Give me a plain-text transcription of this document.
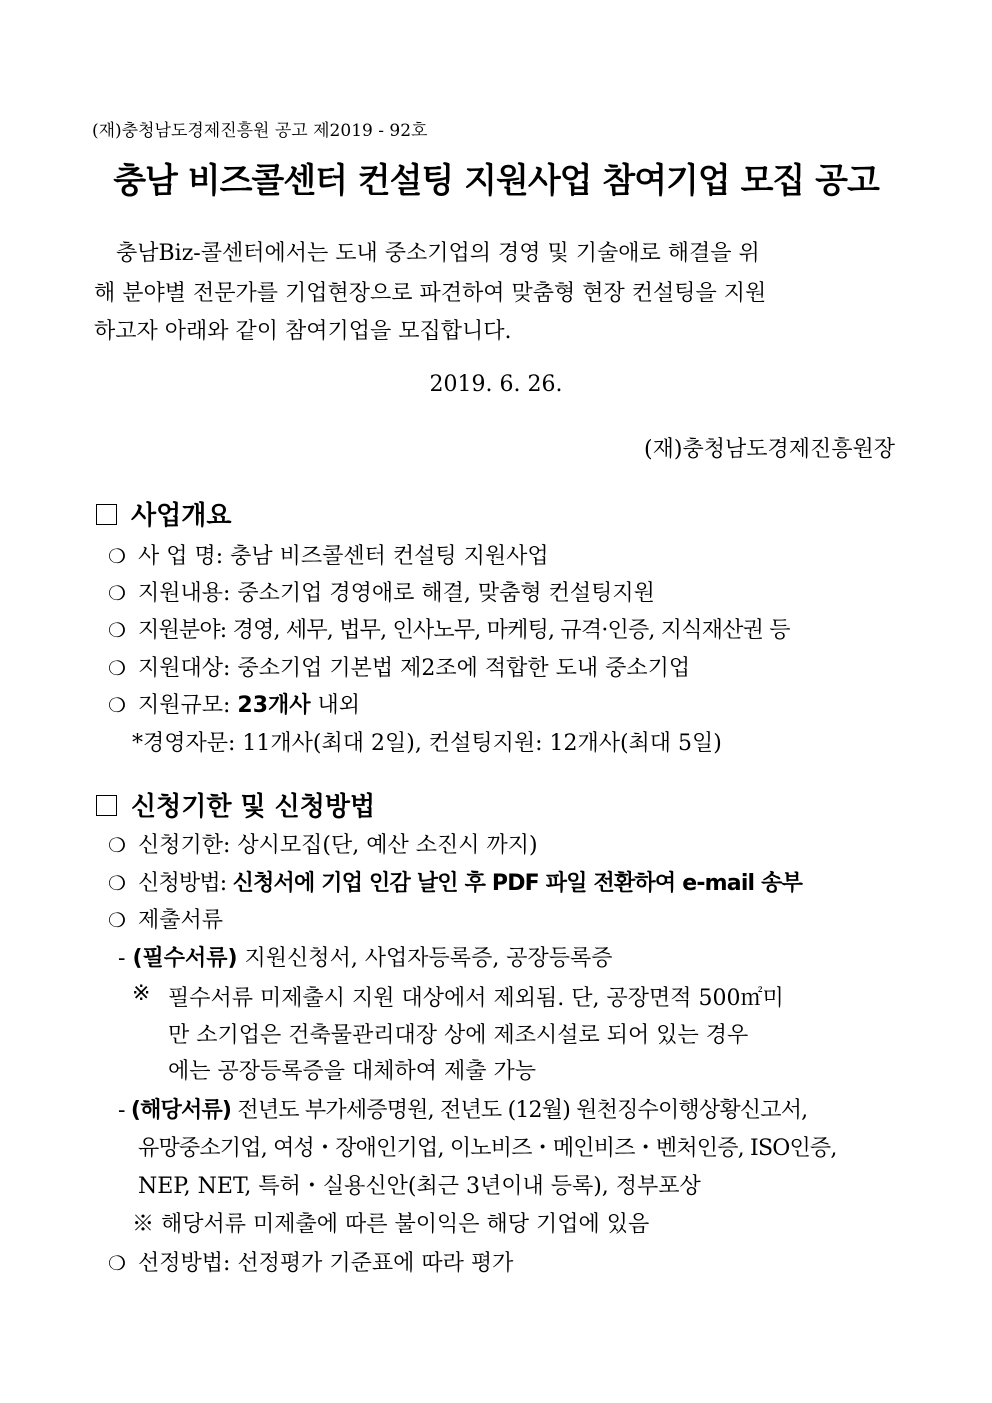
(재)충청남도경제진흥원 공고 제2019 - 92호
충남 비즈콜센터 컨설팅 지원사업 참여기업 모집 공고
충남Biz-콜센터에서는 도내 중소기업의 경영 및 기술애로 해결을 위
해 분야별 전문가를 기업현장으로 파견하여 맞춤형 현장 컨설팅을 지원
하고자 아래와 같이 참여기업을 모집합니다.
2019. 6. 26.
(재)충청남도경제진흥원장
사업개요
❍ 사 업 명: 충남 비즈콜센터 컨설팅 지원사업
❍ 지원내용: 중소기업 경영애로 해결, 맞춤형 컨설팅지원
❍ 지원분야: 경영, 세무, 법무, 인사노무, 마케팅, 규격·인증, 지식재산권 등
❍ 지원대상: 중소기업 기본법 제2조에 적합한 도내 중소기업
❍ 지원규모: 23개사 내외
*경영자문: 11개사(최대 2일), 컨설팅지원: 12개사(최대 5일)
신청기한 및 신청방법
❍ 신청기한: 상시모집(단, 예산 소진시 까지)
❍ 신청방법: 신청서에 기업 인감 날인 후 PDF 파일 전환하여 e-mail 송부
❍ 제출서류
- (필수서류) 지원신청서, 사업자등록증, 공장등록증
※ 필수서류 미제출시 지원 대상에서 제외됨. 단, 공장면적 500㎡미
만 소기업은 건축물관리대장 상에 제조시설로 되어 있는 경우
에는 공장등록증을 대체하여 제출 가능
- (해당서류) 전년도 부가세증명원, 전년도 (12월) 원천징수이행상황신고서,
유망중소기업, 여성・장애인기업, 이노비즈・메인비즈・벤처인증, ISO인증,
NEP, NET, 특허・실용신안(최근 3년이내 등록), 정부포상
※ 해당서류 미제출에 따른 불이익은 해당 기업에 있음
❍ 선정방법: 선정평가 기준표에 따라 평가
